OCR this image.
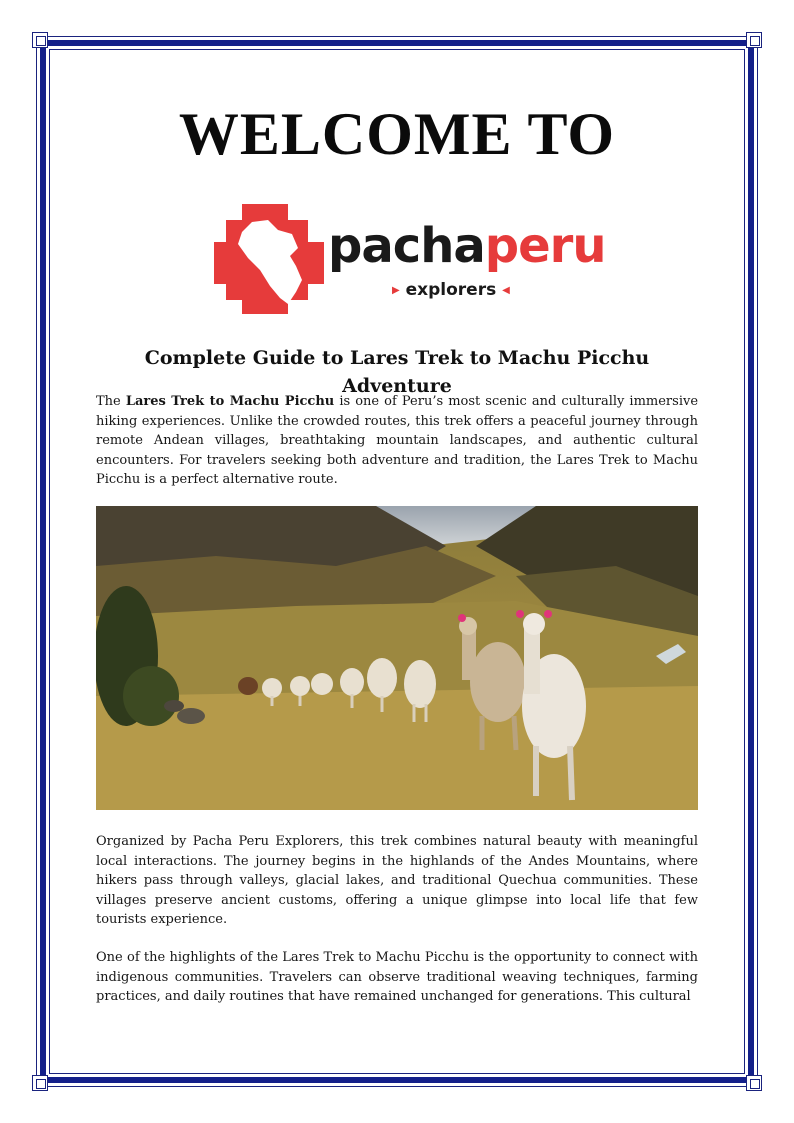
WELCOME TO
pachaperu
▶ explorers ◀
Complete Guide to Lares Trek to Machu Picchu Adventure

The Lares Trek to Machu Picchu is one of Peru’s most scenic and culturally immersive hiking experiences. Unlike the crowded routes, this trek offers a peaceful journey through remote Andean villages, breathtaking mountain landscapes, and authentic cultural encounters. For travelers seeking both adventure and tradition, the Lares Trek to Machu Picchu is a perfect alternative route.

Organized by Pacha Peru Explorers, this trek combines natural beauty with meaningful local interactions. The journey begins in the highlands of the Andes Mountains, where hikers pass through valleys, glacial lakes, and traditional Quechua communities. These villages preserve ancient customs, offering a unique glimpse into local life that few tourists experience.

One of the highlights of the Lares Trek to Machu Picchu is the opportunity to connect with indigenous communities. Travelers can observe traditional weaving techniques, farming practices, and daily routines that have remained unchanged for generations. This cultural
